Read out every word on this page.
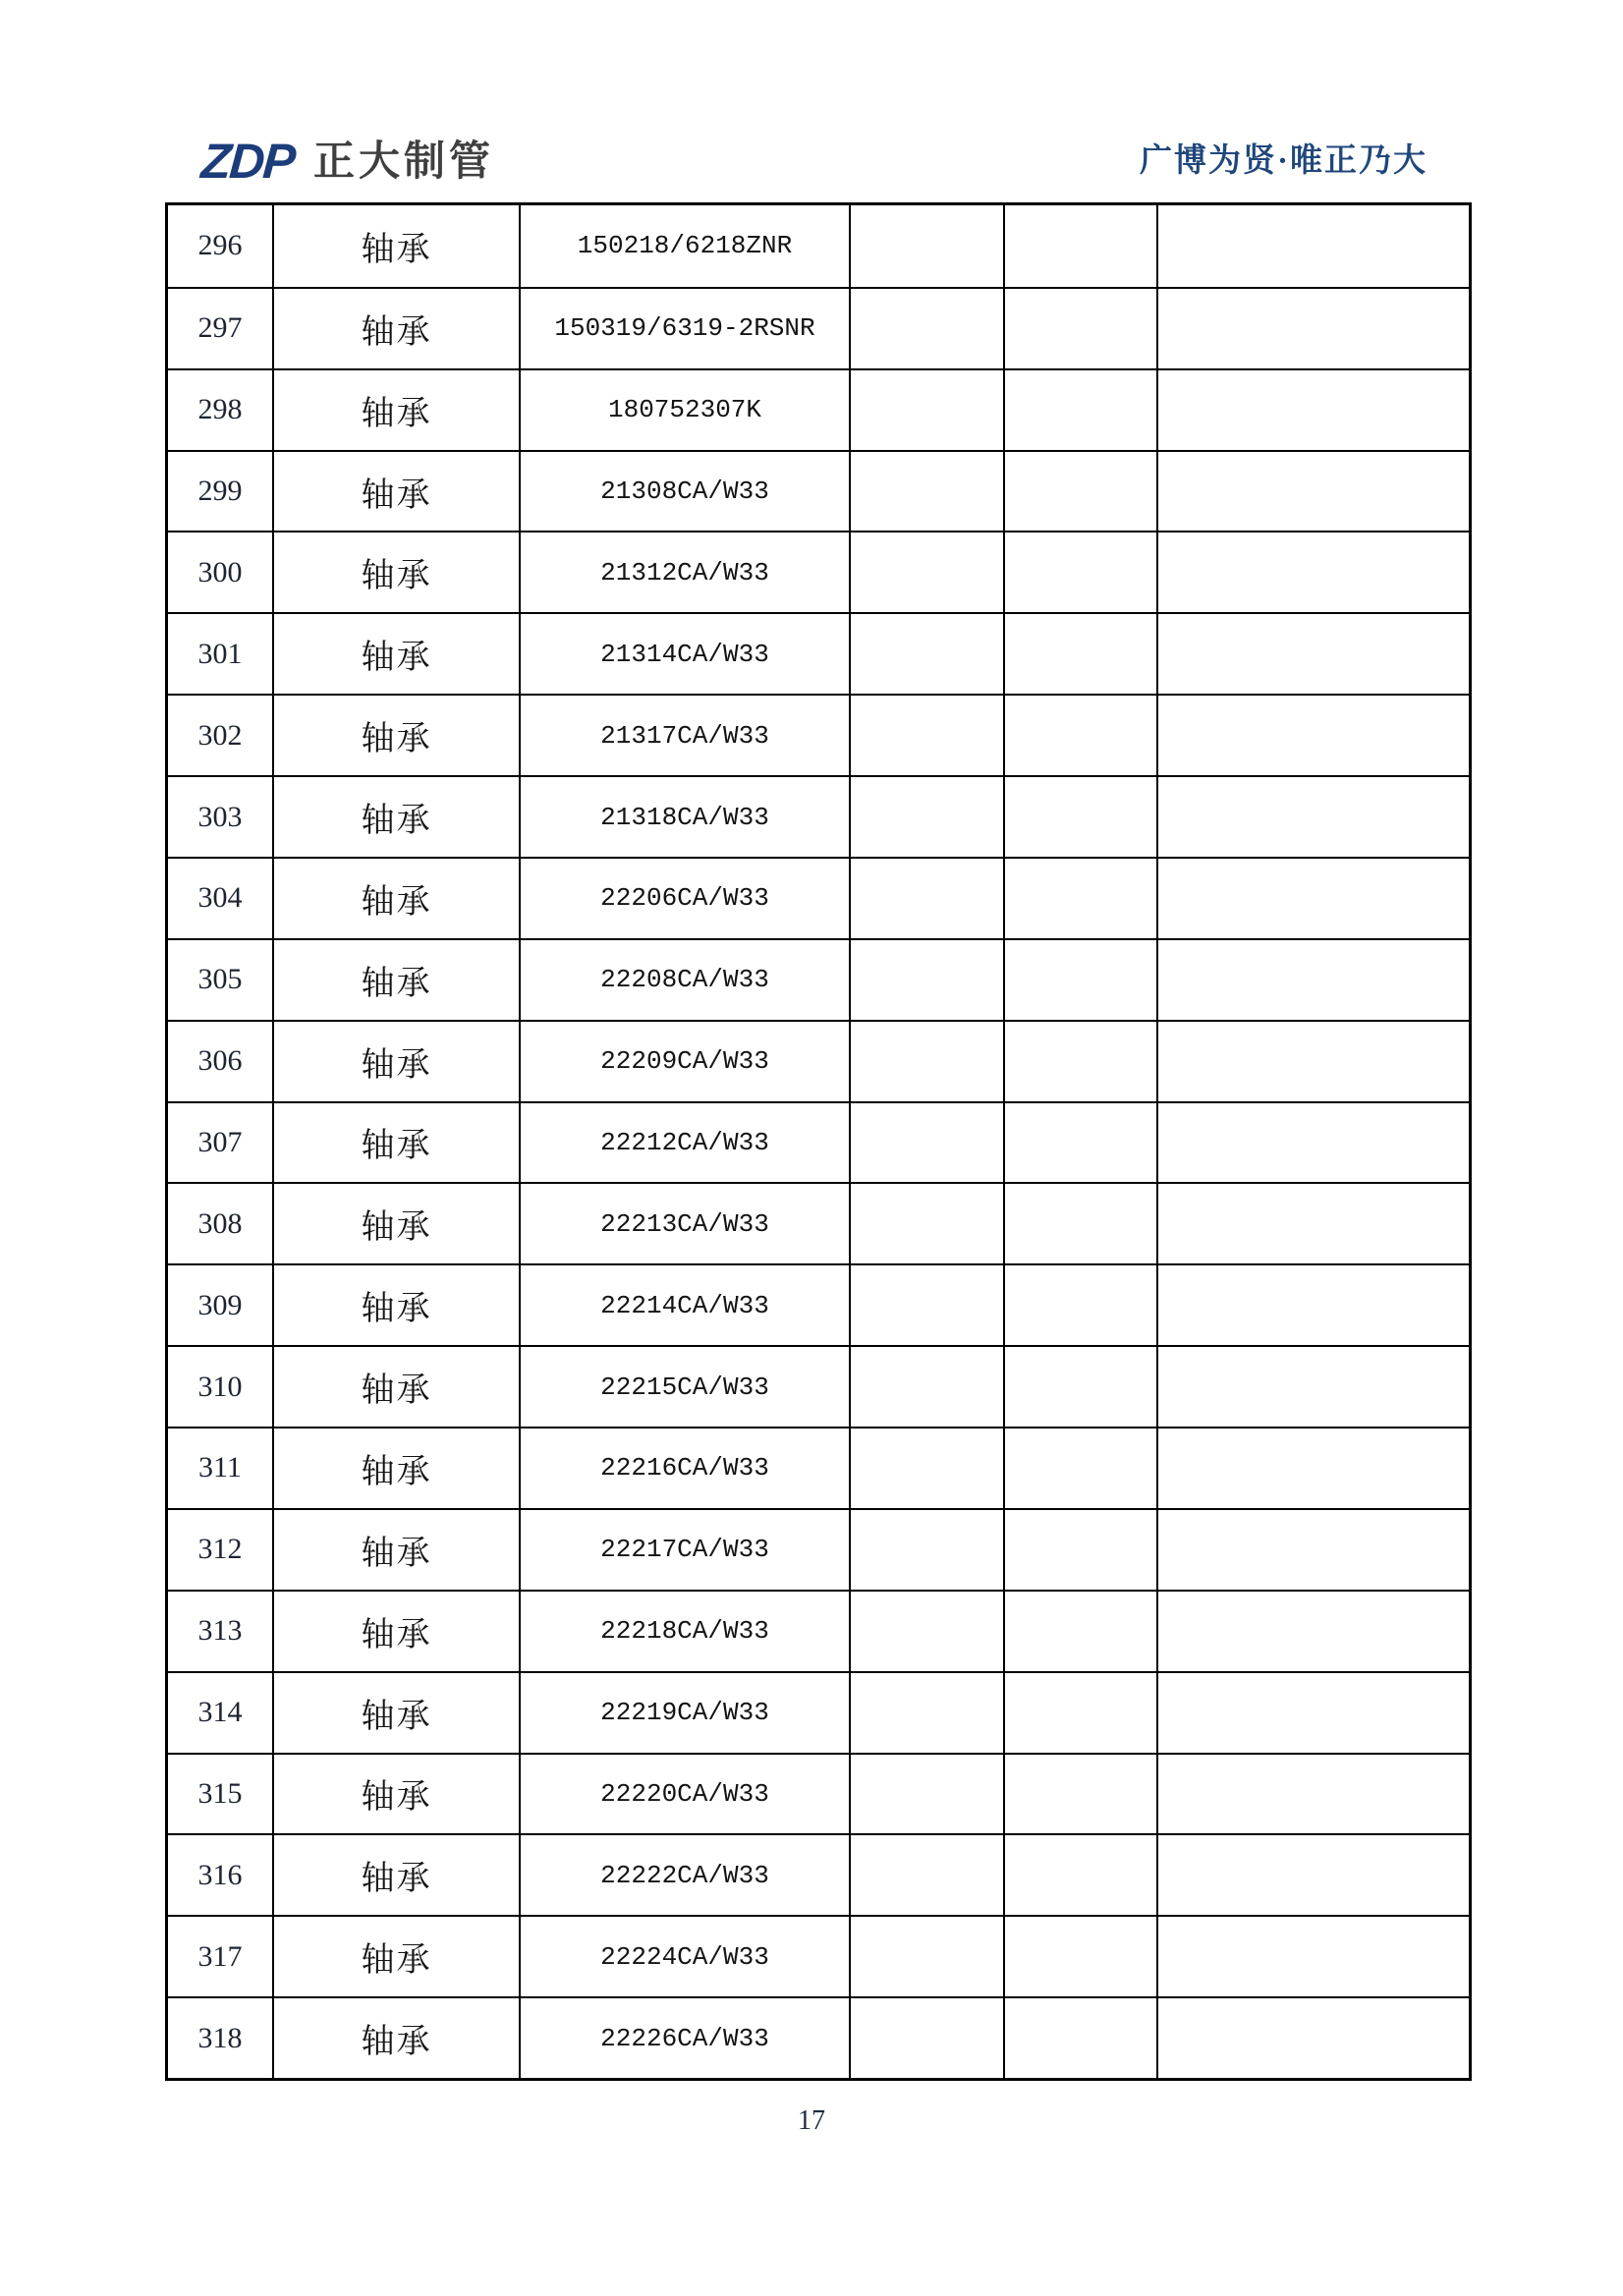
ZDP 正大制管	广博为贤·唯正乃大
296	轴承	150218/6218ZNR
297	轴承	150319/6319-2RSNR
298	轴承	180752307K
299	轴承	21308CA/W33
300	轴承	21312CA/W33
301	轴承	21314CA/W33
302	轴承	21317CA/W33
303	轴承	21318CA/W33
304	轴承	22206CA/W33
305	轴承	22208CA/W33
306	轴承	22209CA/W33
307	轴承	22212CA/W33
308	轴承	22213CA/W33
309	轴承	22214CA/W33
310	轴承	22215CA/W33
311	轴承	22216CA/W33
312	轴承	22217CA/W33
313	轴承	22218CA/W33
314	轴承	22219CA/W33
315	轴承	22220CA/W33
316	轴承	22222CA/W33
317	轴承	22224CA/W33
318	轴承	22226CA/W33
17
